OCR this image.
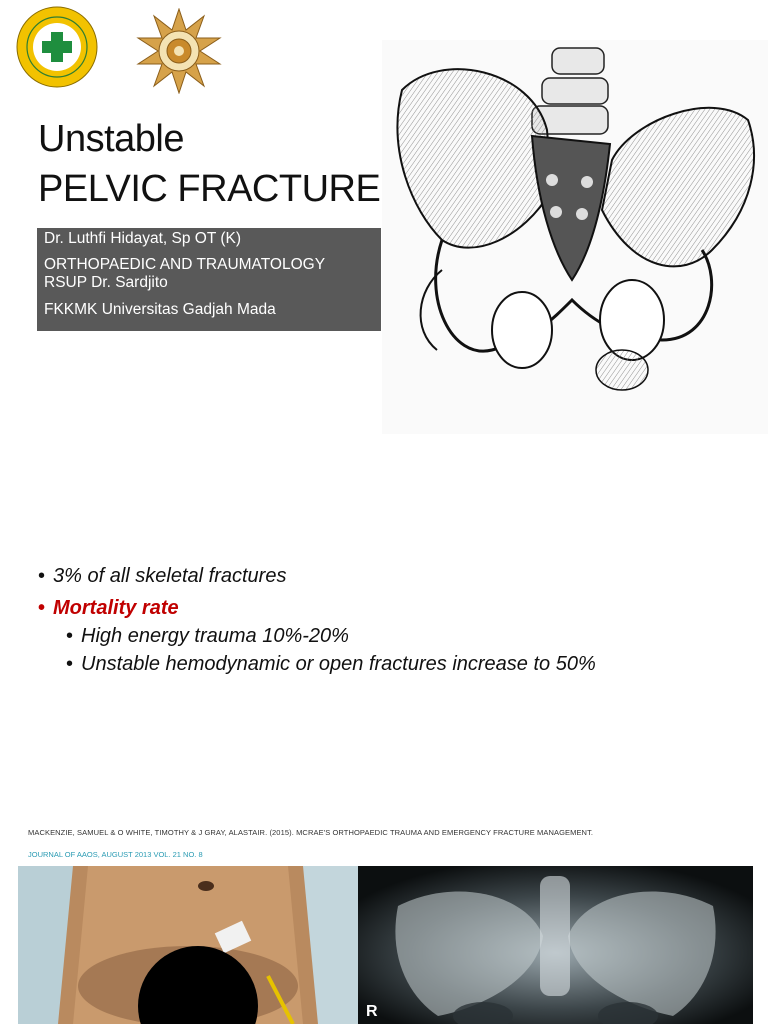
Unstable
PELVIC FRACTURE
Dr. Luthfi Hidayat, Sp OT (K)
ORTHOPAEDIC AND TRAUMATOLOGY
RSUP Dr. Sardjito
FKKMK Universitas Gadjah Mada
• 3% of all skeletal fractures
• Mortality rate
• High energy trauma 10%-20%
• Unstable hemodynamic or open fractures increase to 50%
MACKENZIE, SAMUEL & O WHITE, TIMOTHY & J GRAY, ALASTAIR. (2015). MCRAE'S ORTHOPAEDIC TRAUMA AND EMERGENCY FRACTURE MANAGEMENT.
JOURNAL OF AAOS, AUGUST 2013 VOL. 21 NO. 8
R
